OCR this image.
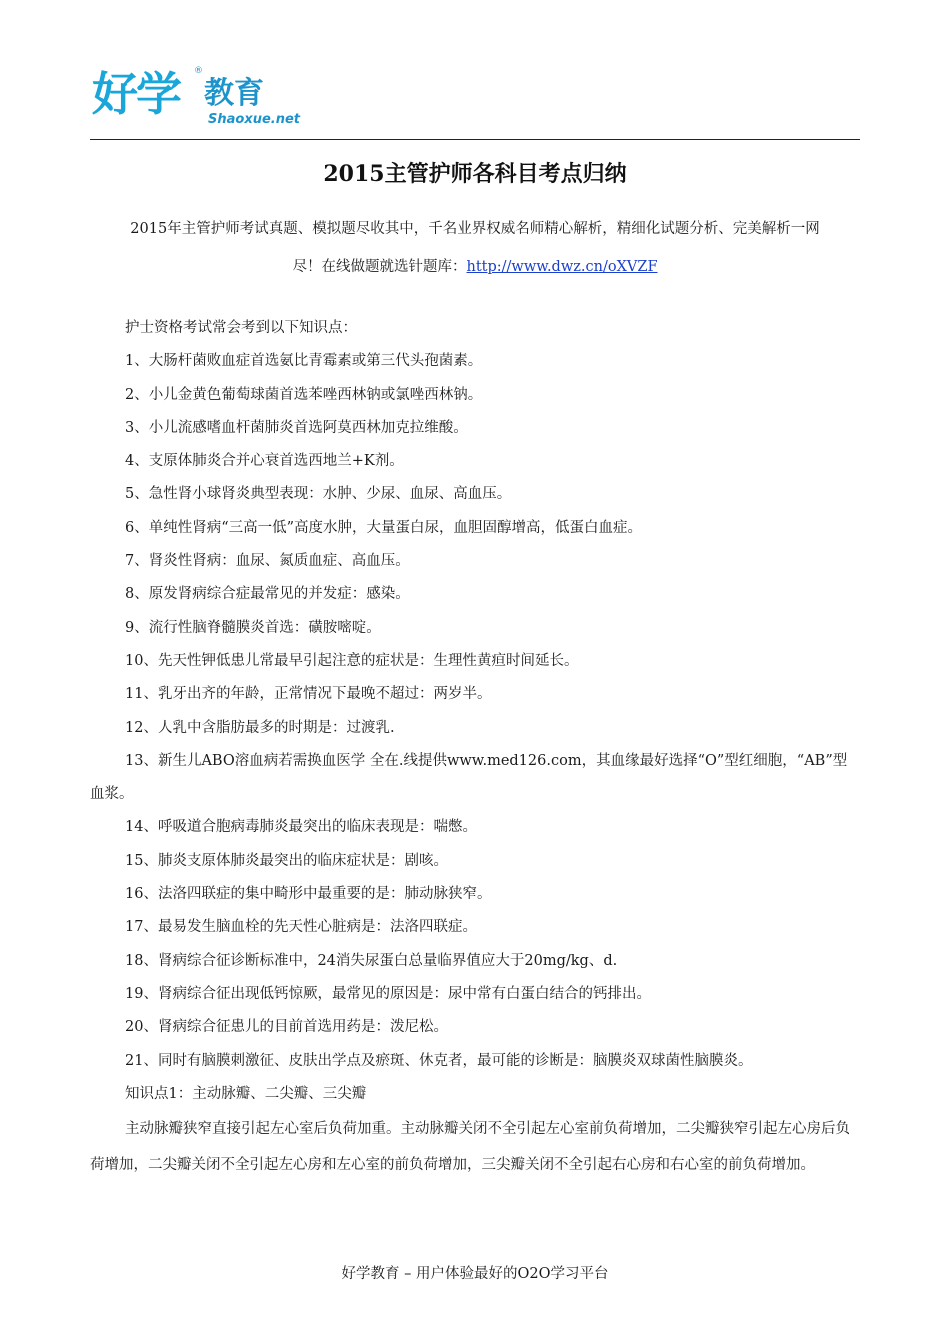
好学 ®
教育
Shaoxue.net
2015主管护师各科目考点归纳
2015年主管护师考试真题、模拟题尽收其中，千名业界权威名师精心解析，精细化试题分析、完美解析一网
尽！在线做题就选针题库：http://www.dwz.cn/oXVZF

护士资格考试常会考到以下知识点：

1、大肠杆菌败血症首选氨比青霉素或第三代头孢菌素。

2、小儿金黄色葡萄球菌首选苯唑西林钠或氯唑西林钠。

3、小儿流感嗜血杆菌肺炎首选阿莫西林加克拉维酸。

4、支原体肺炎合并心衰首选西地兰+K剂。

5、急性肾小球肾炎典型表现：水肿、少尿、血尿、高血压。

6、单纯性肾病“三高一低”高度水肿，大量蛋白尿，血胆固醇增高，低蛋白血症。

7、肾炎性肾病：血尿、氮质血症、高血压。

8、原发肾病综合症最常见的并发症：感染。

9、流行性脑脊髓膜炎首选：磺胺嘧啶。

10、先天性钾低患儿常最早引起注意的症状是：生理性黄疸时间延长。

11、乳牙出齐的年龄，正常情况下最晚不超过：两岁半。

12、人乳中含脂肪最多的时期是：过渡乳.

13、新生儿ABO溶血病若需换血医学 全在.线提供www.med126.com，其血缘最好选择“O”型红细胞，“AB”型血浆。

14、呼吸道合胞病毒肺炎最突出的临床表现是：喘憋。

15、肺炎支原体肺炎最突出的临床症状是：剧咳。

16、法洛四联症的集中畸形中最重要的是：肺动脉狭窄。

17、最易发生脑血栓的先天性心脏病是：法洛四联症。

18、肾病综合征诊断标准中，24消失尿蛋白总量临界值应大于20mg/kg、d.

19、肾病综合征出现低钙惊厥，最常见的原因是：尿中常有白蛋白结合的钙排出。

20、肾病综合征患儿的目前首选用药是：泼尼松。

21、同时有脑膜刺激征、皮肤出学点及瘀斑、休克者，最可能的诊断是：脑膜炎双球菌性脑膜炎。

知识点1：主动脉瓣、二尖瓣、三尖瓣

主动脉瓣狭窄直接引起左心室后负荷加重。主动脉瓣关闭不全引起左心室前负荷增加，二尖瓣狭窄引起左心房后负荷增加，二尖瓣关闭不全引起左心房和左心室的前负荷增加，三尖瓣关闭不全引起右心房和右心室的前负荷增加。

好学教育 – 用户体验最好的O2O学习平台
